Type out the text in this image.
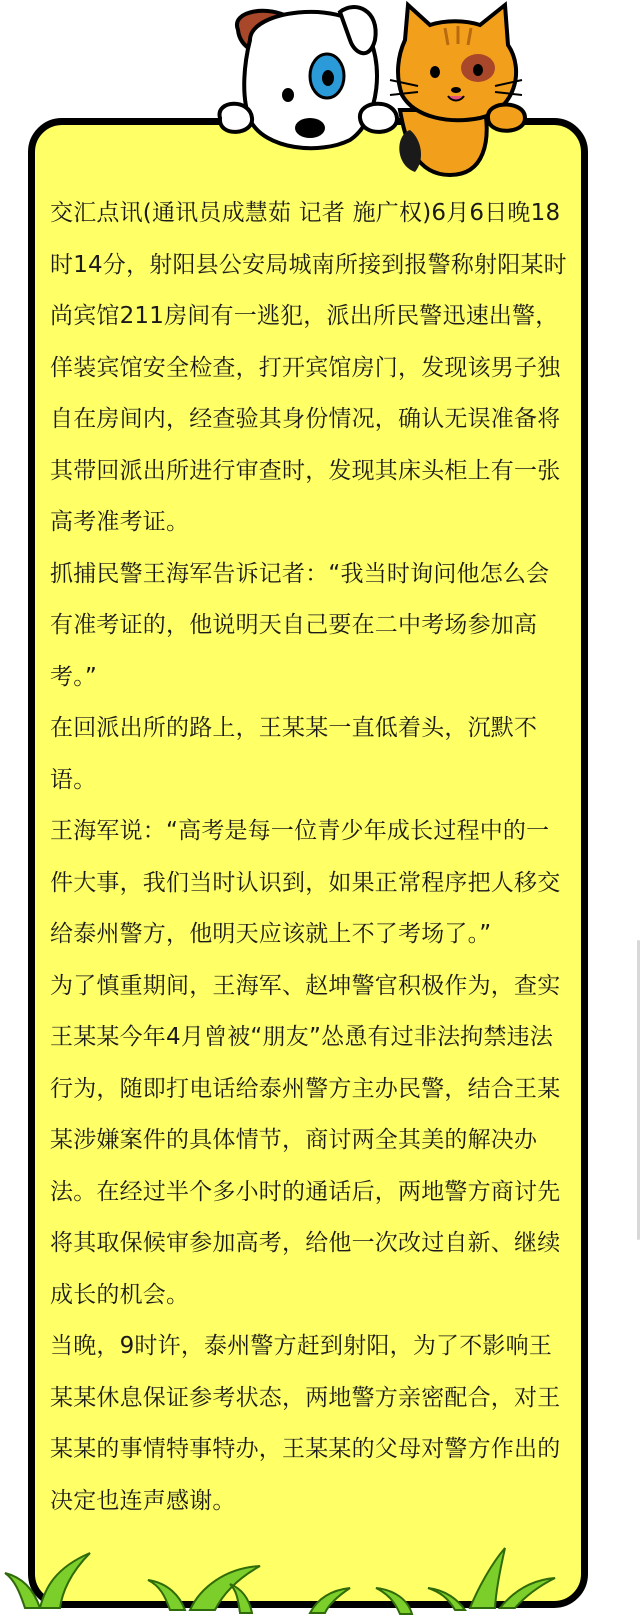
交汇点讯(通讯员成慧茹 记者 施广权)6月6日晚18时14分，射阳县公安局城南所接到报警称射阳某时尚宾馆211房间有一逃犯，派出所民警迅速出警，佯装宾馆安全检查，打开宾馆房门，发现该男子独自在房间内，经查验其身份情况，确认无误准备将其带回派出所进行审查时，发现其床头柜上有一张高考准考证。

抓捕民警王海军告诉记者：“我当时询问他怎么会有准考证的，他说明天自己要在二中考场参加高考。”

在回派出所的路上，王某某一直低着头，沉默不语。

王海军说：“高考是每一位青少年成长过程中的一件大事，我们当时认识到，如果正常程序把人移交给泰州警方，他明天应该就上不了考场了。”

为了慎重期间，王海军、赵坤警官积极作为，查实王某某今年4月曾被“朋友”怂恿有过非法拘禁违法行为，随即打电话给泰州警方主办民警，结合王某某涉嫌案件的具体情节，商讨两全其美的解决办法。在经过半个多小时的通话后，两地警方商讨先将其取保候审参加高考，给他一次改过自新、继续成长的机会。

当晚，9时许，泰州警方赶到射阳，为了不影响王某某休息保证参考状态，两地警方亲密配合，对王某某的事情特事特办，王某某的父母对警方作出的决定也连声感谢。
